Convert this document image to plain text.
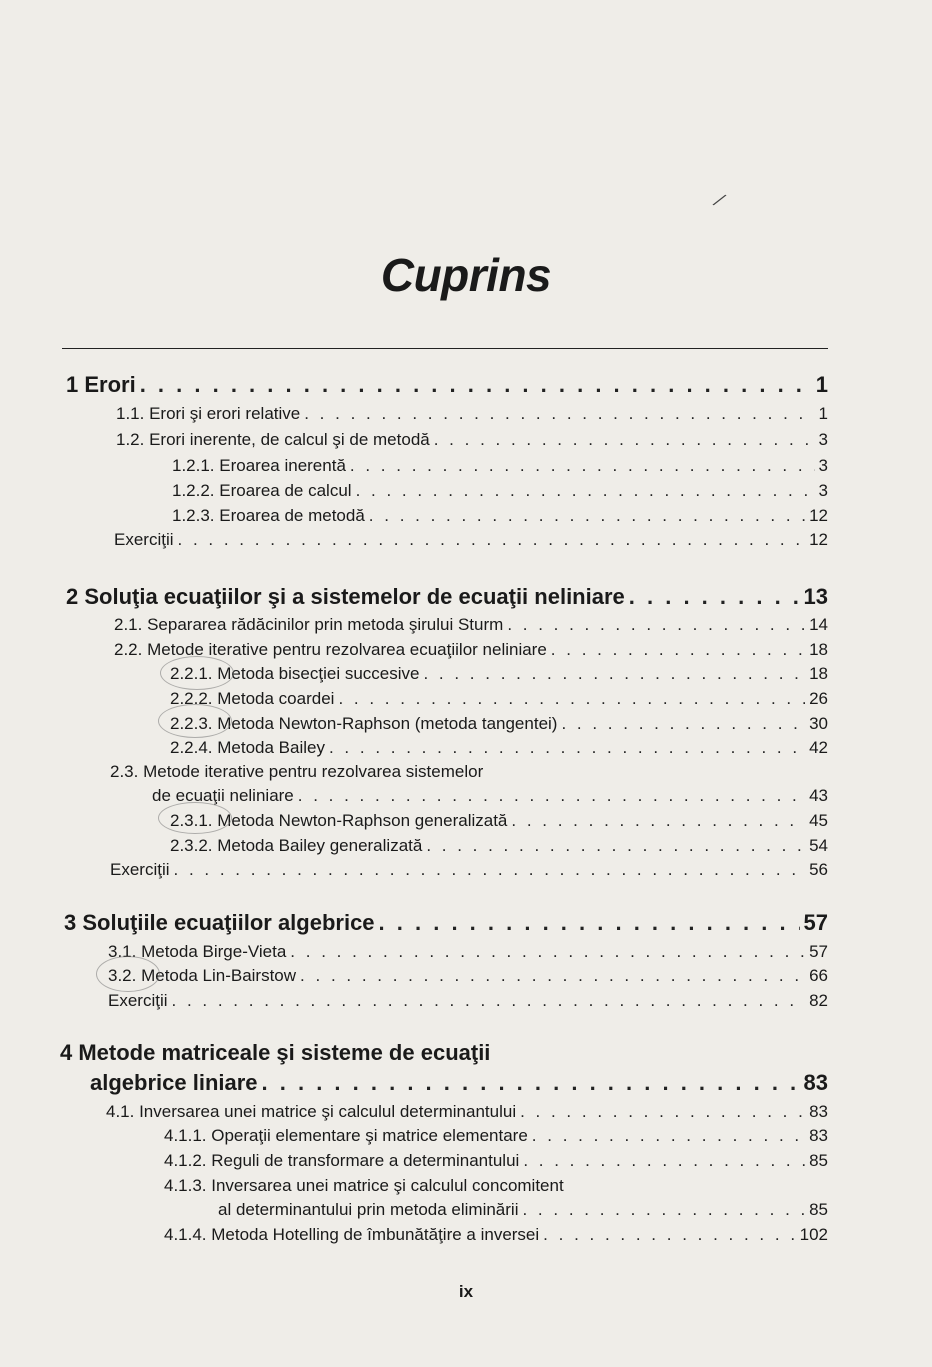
Cuprins
⁄
1 Erori . . .	1
1.1. Erori şi erori relative . . .	1
1.2. Erori inerente, de calcul şi de metodă . . .	3
1.2.1. Eroarea inerentă . . .	3
1.2.2. Eroarea de calcul . . .	3
1.2.3. Eroarea de metodă . . .	12
Exerciţii . . .	12
2 Soluţia ecuaţiilor şi a sistemelor de ecuaţii neliniare . . .	13
2.1. Separarea rădăcinilor prin metoda şirului Sturm . . .	14
2.2. Metode iterative pentru rezolvarea ecuaţiilor neliniare . . .	18
2.2.1. Metoda bisecţiei succesive . . .	18
2.2.2. Metoda coardei . . .	26
2.2.3. Metoda Newton-Raphson (metoda tangentei) . . .	30
2.2.4. Metoda Bailey . . .	42
2.3. Metode iterative pentru rezolvarea sistemelor
de ecuaţii neliniare . . .	43
2.3.1. Metoda Newton-Raphson generalizată . . .	45
2.3.2. Metoda Bailey generalizată . . .	54
Exerciţii . . .	56
3 Soluţiile ecuaţiilor algebrice . . .	57
3.1. Metoda Birge-Vieta . . .	57
3.2. Metoda Lin-Bairstow . . .	66
Exerciţii . . .	82
4 Metode matriceale şi sisteme de ecuaţii
algebrice liniare . . .	83
4.1. Inversarea unei matrice şi calculul determinantului . . .	83
4.1.1. Operaţii elementare şi matrice elementare . . .	83
4.1.2. Reguli de transformare a determinantului . . .	85
4.1.3. Inversarea unei matrice şi calculul concomitent
al determinantului prin metoda eliminării . . .	85
4.1.4. Metoda Hotelling de îmbunătăţire a inversei . . .	102
ix
